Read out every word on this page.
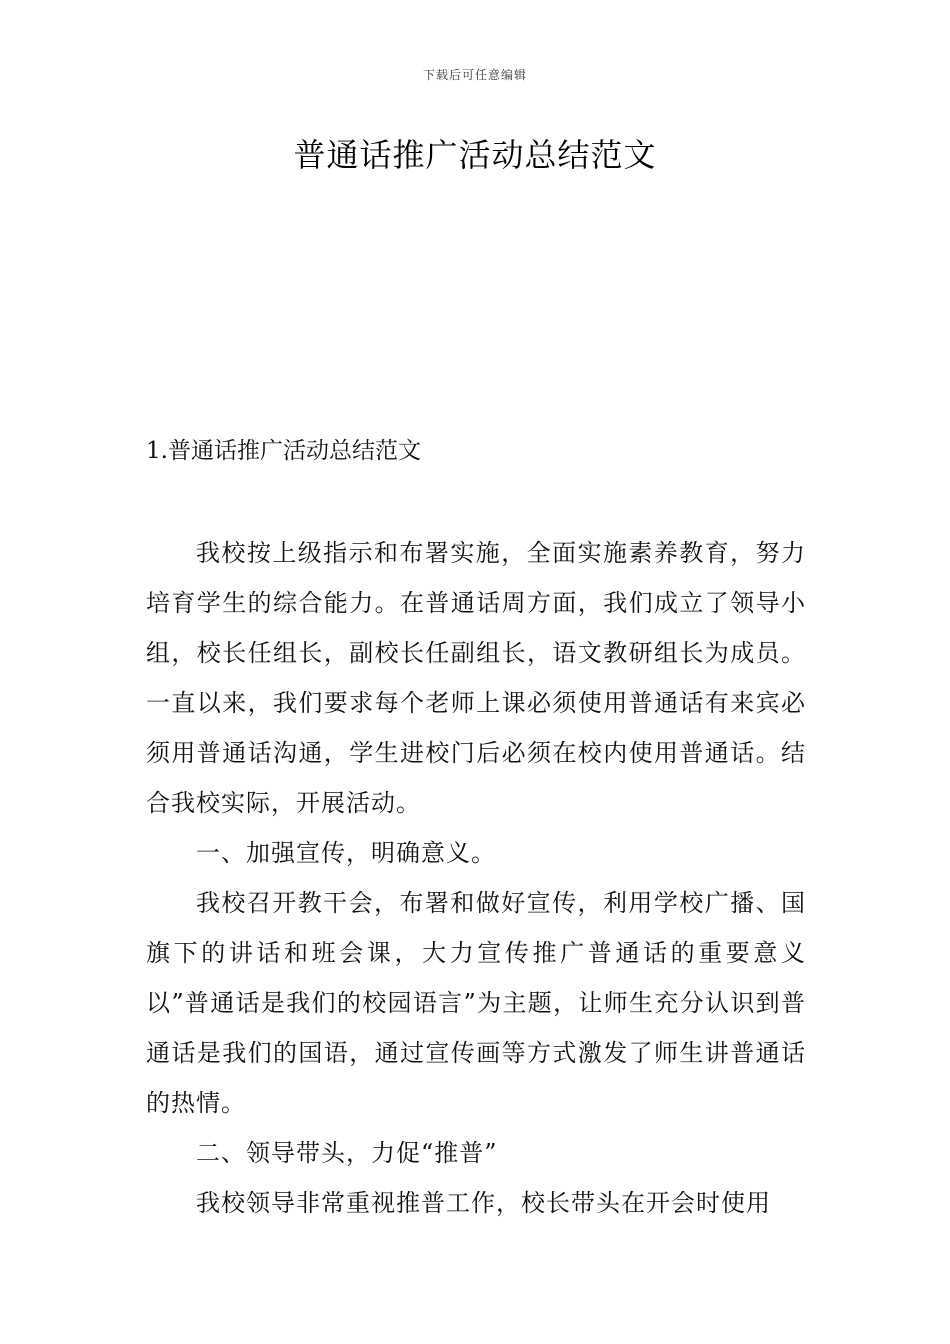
下载后可任意编辑
普通话推广活动总结范文

1.普通话推广活动总结范文

我校按上级指示和布署实施，全面实施素养教育，努力培育学生的综合能力。在普通话周方面，我们成立了领导小组，校长任组长，副校长任副组长，语文教研组长为成员。一直以来，我们要求每个老师上课必须使用普通话有来宾必须用普通话沟通，学生进校门后必须在校内使用普通话。结合我校实际，开展活动。

一、加强宣传，明确意义。

我校召开教干会，布署和做好宣传，利用学校广播、国旗下的讲话和班会课，大力宣传推广普通话的重要意义以”普通话是我们的校园语言”为主题，让师生充分认识到普通话是我们的国语，通过宣传画等方式激发了师生讲普通话的热情。

二、领导带头，力促“推普”

我校领导非常重视推普工作，校长带头在开会时使用
